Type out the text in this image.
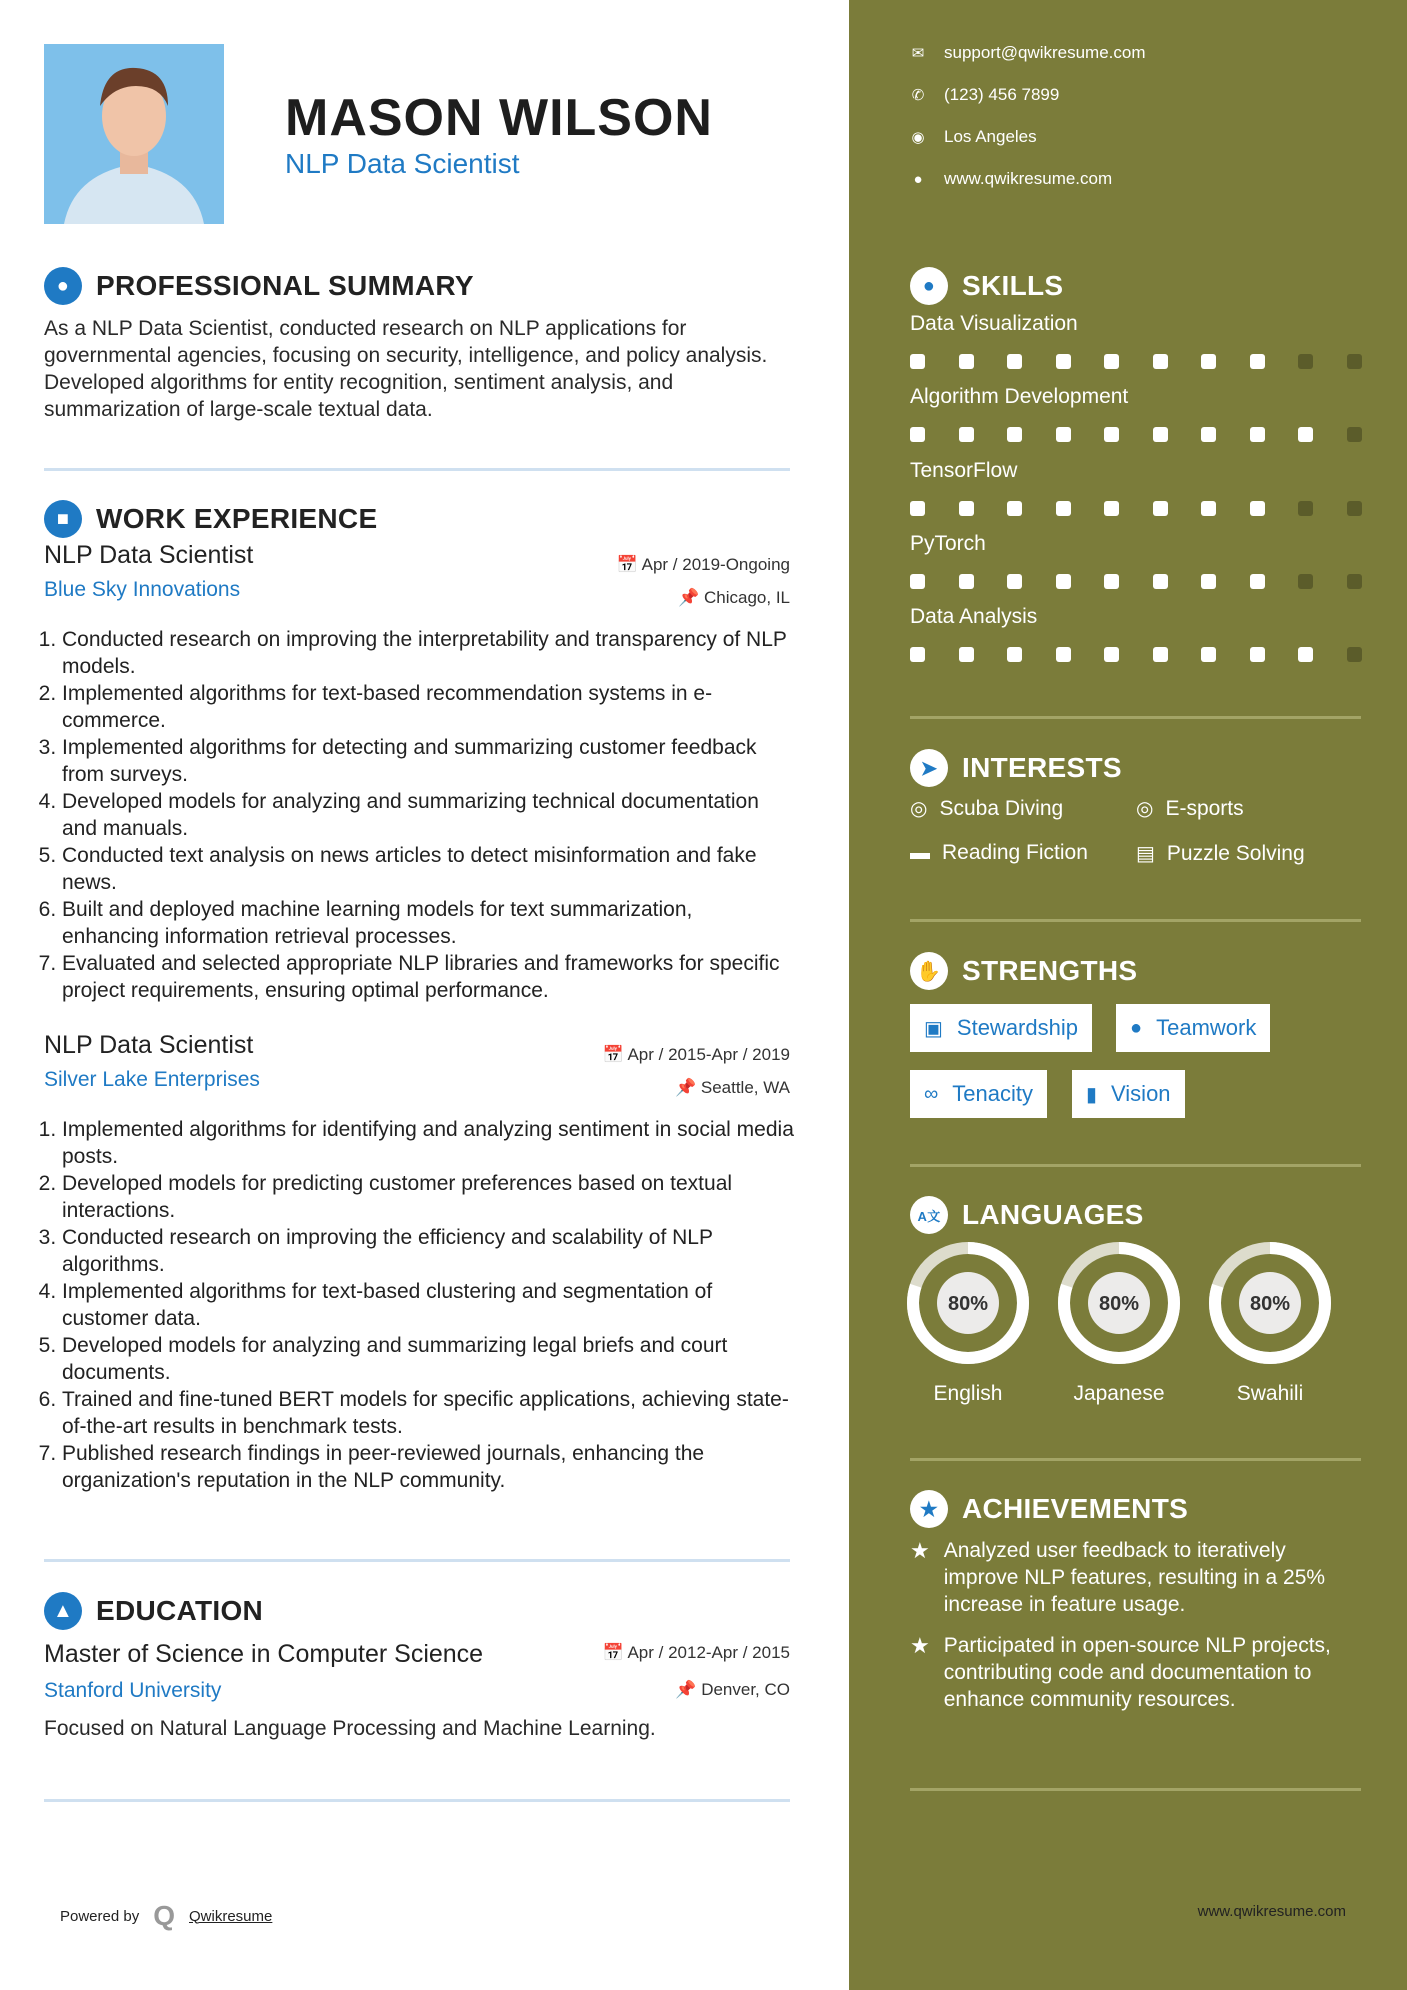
MASON WILSON
NLP Data Scientist
● PROFESSIONAL SUMMARY
As a NLP Data Scientist, conducted research on NLP applications for governmental agencies, focusing on security, intelligence, and policy analysis. Developed algorithms for entity recognition, sentiment analysis, and summarization of large-scale textual data.
■ WORK EXPERIENCE
NLP Data Scientist
Blue Sky Innovations
📅 Apr / 2019-Ongoing
📌 Chicago, IL
1. Conducted research on improving the interpretability and transparency of NLP models.
2. Implemented algorithms for text-based recommendation systems in e-commerce.
3. Implemented algorithms for detecting and summarizing customer feedback from surveys.
4. Developed models for analyzing and summarizing technical documentation and manuals.
5. Conducted text analysis on news articles to detect misinformation and fake news.
6. Built and deployed machine learning models for text summarization, enhancing information retrieval processes.
7. Evaluated and selected appropriate NLP libraries and frameworks for specific project requirements, ensuring optimal performance.
NLP Data Scientist
Silver Lake Enterprises
📅 Apr / 2015-Apr / 2019
📌 Seattle, WA
1. Implemented algorithms for identifying and analyzing sentiment in social media posts.
2. Developed models for predicting customer preferences based on textual interactions.
3. Conducted research on improving the efficiency and scalability of NLP algorithms.
4. Implemented algorithms for text-based clustering and segmentation of customer data.
5. Developed models for analyzing and summarizing legal briefs and court documents.
6. Trained and fine-tuned BERT models for specific applications, achieving state-of-the-art results in benchmark tests.
7. Published research findings in peer-reviewed journals, enhancing the organization's reputation in the NLP community.
▲ EDUCATION
Master of Science in Computer Science
Stanford University
📅 Apr / 2012-Apr / 2015
📌 Denver, CO
Focused on Natural Language Processing and Machine Learning.
Powered by Q Qwikresume
✉ support@qwikresume.com
✆ (123) 456 7899
◉ Los Angeles
● www.qwikresume.com
● SKILLS
Data Visualization
Algorithm Development
TensorFlow
PyTorch
Data Analysis
➤ INTERESTS
◎ Scuba Diving	◎ E-sports
▬ Reading Fiction ▤ Puzzle Solving
✋ STRENGTHS
▣ Stewardship	● Teamwork
∞ Tenacity	▮ Vision
A文 LANGUAGES
80%
English
80%
Japanese
80%
Swahili
★ ACHIEVEMENTS
★ Analyzed user feedback to iteratively improve NLP features, resulting in a 25% increase in feature usage.
★ Participated in open-source NLP projects, contributing code and documentation to enhance community resources.
www.qwikresume.com
